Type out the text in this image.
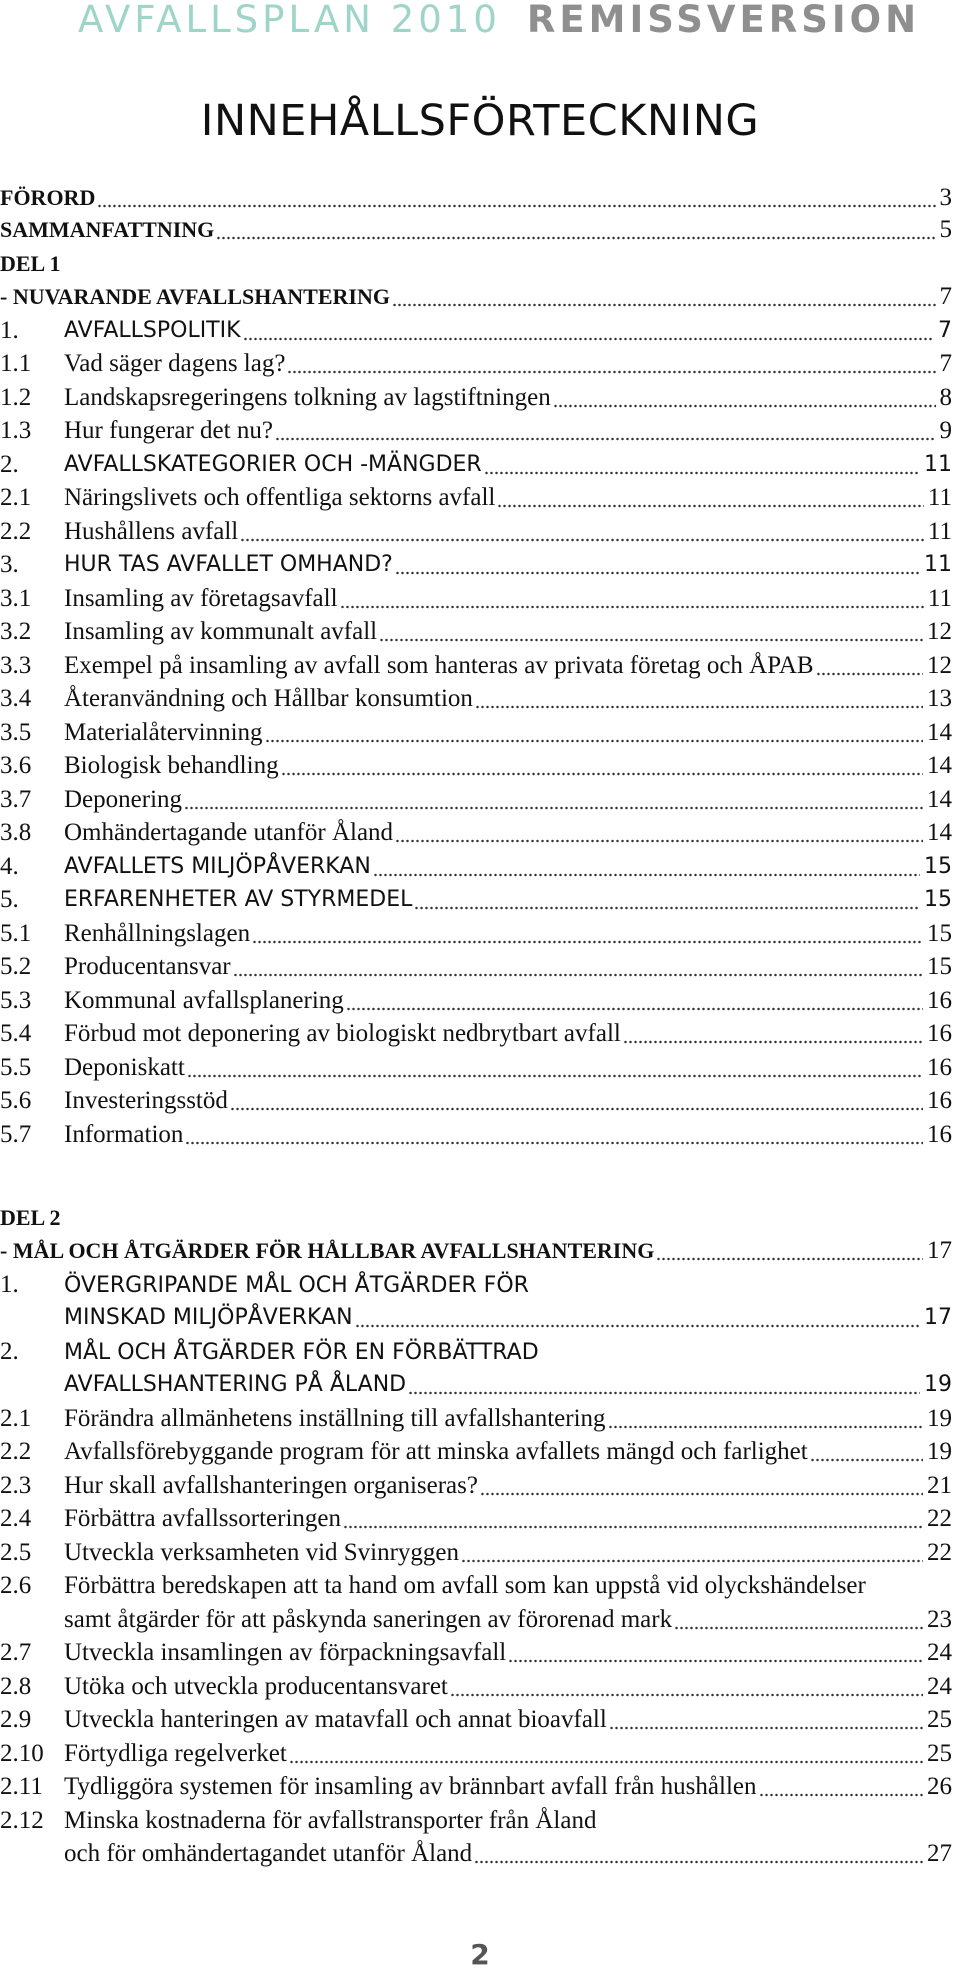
AVFALLSPLAN 2010 REMISSVERSION
INNEHÅLLSFÖRTECKNING
FÖRORD	3
SAMMANFATTNING	5
DEL 1
- NUVARANDE AVFALLSHANTERING	7
1.	AVFALLSPOLITIK	7
1.1	Vad säger dagens lag?	7
1.2	Landskapsregeringens tolkning av lagstiftningen	8
1.3	Hur fungerar det nu?	9
2.	AVFALLSKATEGORIER OCH -MÄNGDER	11
2.1	Näringslivets och offentliga sektorns avfall	11
2.2	Hushållens avfall	11
3.	HUR TAS AVFALLET OMHAND?	11
3.1	Insamling av företagsavfall	11
3.2	Insamling av kommunalt avfall	12
3.3	Exempel på insamling av avfall som hanteras av privata företag och ÅPAB	12
3.4	Återanvändning och Hållbar konsumtion	13
3.5	Materialåtervinning	14
3.6	Biologisk behandling	14
3.7	Deponering	14
3.8	Omhändertagande utanför Åland	14
4.	AVFALLETS MILJÖPÅVERKAN	15
5.	ERFARENHETER AV STYRMEDEL	15
5.1	Renhållningslagen	15
5.2	Producentansvar	15
5.3	Kommunal avfallsplanering	16
5.4	Förbud mot deponering av biologiskt nedbrytbart avfall	16
5.5	Deponiskatt	16
5.6	Investeringsstöd	16
5.7	Information	16
DEL 2
- MÅL OCH ÅTGÄRDER FÖR HÅLLBAR AVFALLSHANTERING	17
1. ÖVERGRIPANDE MÅL OCH ÅTGÄRDER FÖR
MINSKAD MILJÖPÅVERKAN	17
2. MÅL OCH ÅTGÄRDER FÖR EN FÖRBÄTTRAD
AVFALLSHANTERING PÅ ÅLAND	19
2.1	Förändra allmänhetens inställning till avfallshantering	19
2.2	Avfallsförebyggande program för att minska avfallets mängd och farlighet	19
2.3	Hur skall avfallshanteringen organiseras?	21
2.4	Förbättra avfallssorteringen	22
2.5	Utveckla verksamheten vid Svinryggen	22
2.6 Förbättra beredskapen att ta hand om avfall som kan uppstå vid olyckshändelser
samt åtgärder för att påskynda saneringen av förorenad mark	23
2.7	Utveckla insamlingen av förpackningsavfall	24
2.8	Utöka och utveckla producentansvaret	24
2.9	Utveckla hanteringen av matavfall och annat bioavfall	25
2.10 Förtydliga regelverket	25
2.11 Tydliggöra systemen för insamling av brännbart avfall från hushållen	26
2.12 Minska kostnaderna för avfallstransporter från Åland
och för omhändertagandet utanför Åland	27
2
